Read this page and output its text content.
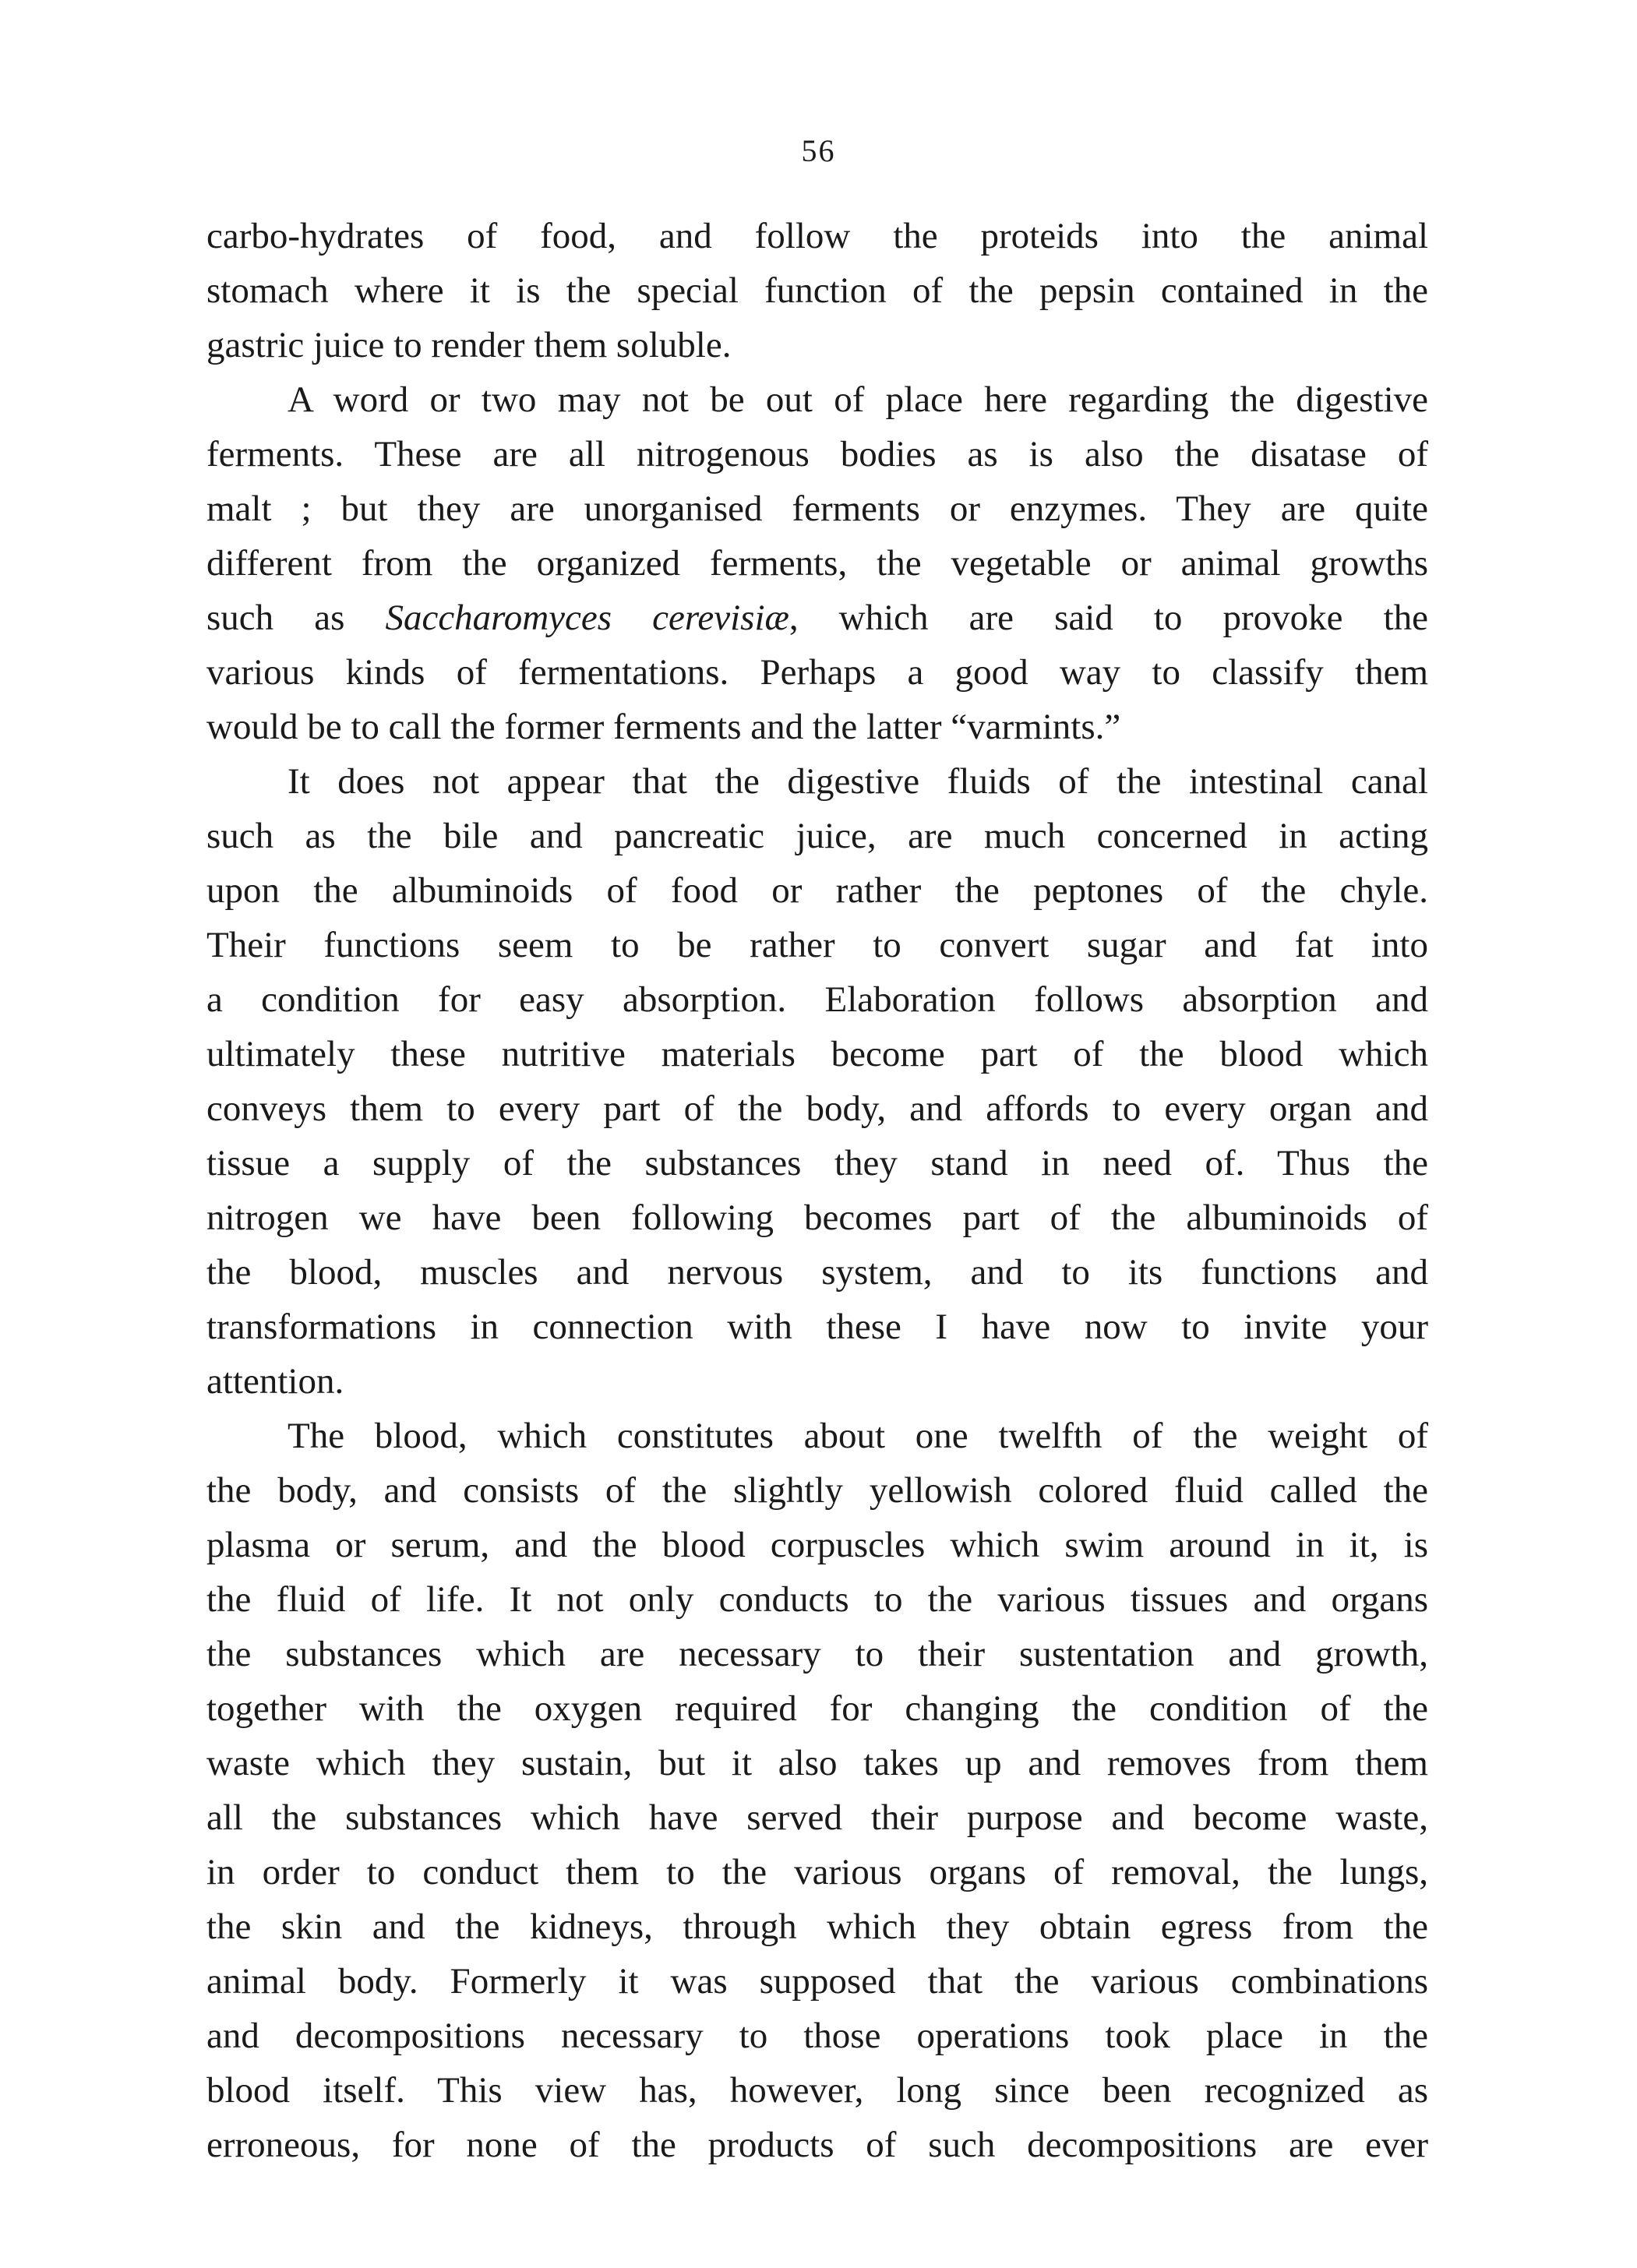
56

carbo-hydrates of food, and follow the proteids into the animal
stomach where it is the special function of the pepsin contained in the
gastric juice to render them soluble.

A word or two may not be out of place here regarding the digestive
ferments. These are all nitrogenous bodies as is also the disatase of
malt ; but they are unorganised ferments or enzymes. They are quite
different from the organized ferments, the vegetable or animal growths
such as Saccharomyces cerevisiæ, which are said to provoke the
various kinds of fermentations. Perhaps a good way to classify them
would be to call the former ferments and the latter “varmints.”

It does not appear that the digestive fluids of the intestinal canal
such as the bile and pancreatic juice, are much concerned in acting
upon the albuminoids of food or rather the peptones of the chyle.
Their functions seem to be rather to convert sugar and fat into
a condition for easy absorption. Elaboration follows absorption and
ultimately these nutritive materials become part of the blood which
conveys them to every part of the body, and affords to every organ and
tissue a supply of the substances they stand in need of. Thus the
nitrogen we have been following becomes part of the albuminoids of
the blood, muscles and nervous system, and to its functions and
transformations in connection with these I have now to invite your
attention.

The blood, which constitutes about one twelfth of the weight of
the body, and consists of the slightly yellowish colored fluid called the
plasma or serum, and the blood corpuscles which swim around in it, is
the fluid of life. It not only conducts to the various tissues and organs
the substances which are necessary to their sustentation and growth,
together with the oxygen required for changing the condition of the
waste which they sustain, but it also takes up and removes from them
all the substances which have served their purpose and become waste,
in order to conduct them to the various organs of removal, the lungs,
the skin and the kidneys, through which they obtain egress from the
animal body. Formerly it was supposed that the various combinations
and decompositions necessary to those operations took place in the
blood itself. This view has, however, long since been recognized as
erroneous, for none of the products of such decompositions are ever
